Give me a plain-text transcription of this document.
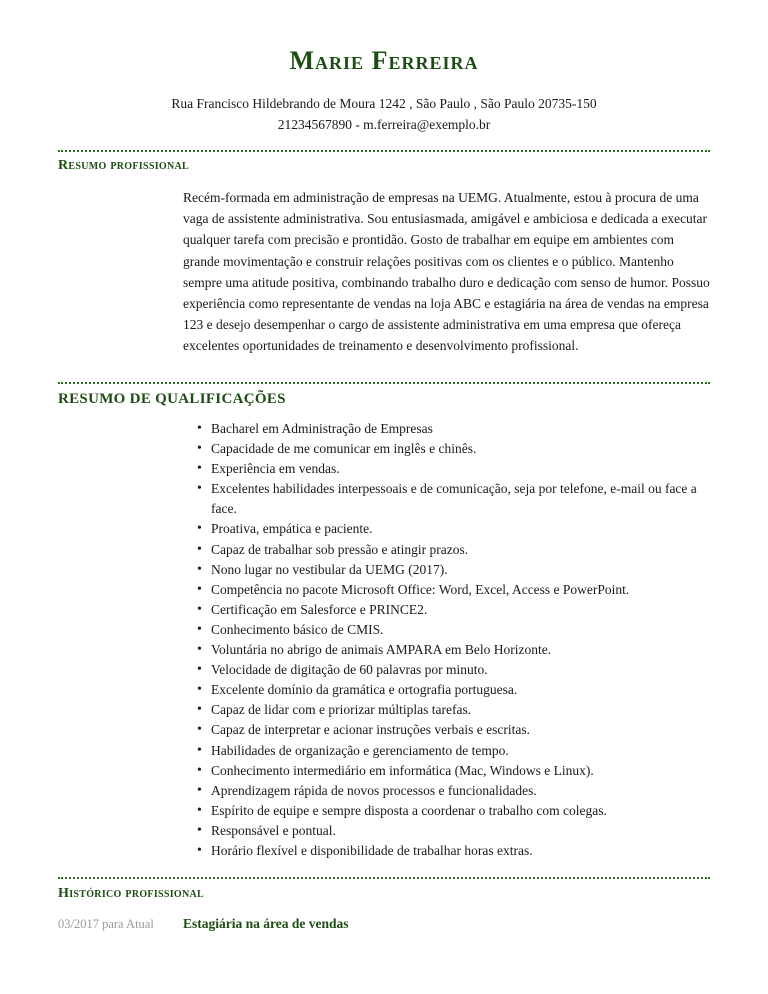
Marie Ferreira
Rua Francisco Hildebrando de Moura 1242 , São Paulo , São Paulo 20735-150
21234567890 - m.ferreira@exemplo.br
Resumo profissional
Recém-formada em administração de empresas na UEMG. Atualmente, estou à procura de uma vaga de assistente administrativa. Sou entusiasmada, amigável e ambiciosa e dedicada a executar qualquer tarefa com precisão e prontidão. Gosto de trabalhar em equipe em ambientes com grande movimentação e construir relações positivas com os clientes e o público. Mantenho sempre uma atitude positiva, combinando trabalho duro e dedicação com senso de humor. Possuo experiência como representante de vendas na loja ABC e estagiária na área de vendas na empresa 123 e desejo desempenhar o cargo de assistente administrativa em uma empresa que ofereça excelentes oportunidades de treinamento e desenvolvimento profissional.
RESUMO DE QUALIFICAÇÕES
• Bacharel em Administração de Empresas
• Capacidade de me comunicar em inglês e chinês.
• Experiência em vendas.
• Excelentes habilidades interpessoais e de comunicação, seja por telefone, e-mail ou face a face.
• Proativa, empática e paciente.
• Capaz de trabalhar sob pressão e atingir prazos.
• Nono lugar no vestibular da UEMG (2017).
• Competência no pacote Microsoft Office: Word, Excel, Access e PowerPoint.
• Certificação em Salesforce e PRINCE2.
• Conhecimento básico de CMIS.
• Voluntária no abrigo de animais AMPARA em Belo Horizonte.
• Velocidade de digitação de 60 palavras por minuto.
• Excelente domínio da gramática e ortografia portuguesa.
• Capaz de lidar com e priorizar múltiplas tarefas.
• Capaz de interpretar e acionar instruções verbais e escritas.
• Habilidades de organização e gerenciamento de tempo.
• Conhecimento intermediário em informática (Mac, Windows e Linux).
• Aprendizagem rápida de novos processos e funcionalidades.
• Espírito de equipe e sempre disposta a coordenar o trabalho com colegas.
• Responsável e pontual.
• Horário flexível e disponibilidade de trabalhar horas extras.
Histórico profissional
03/2017 para Atual Estagiária na área de vendas
